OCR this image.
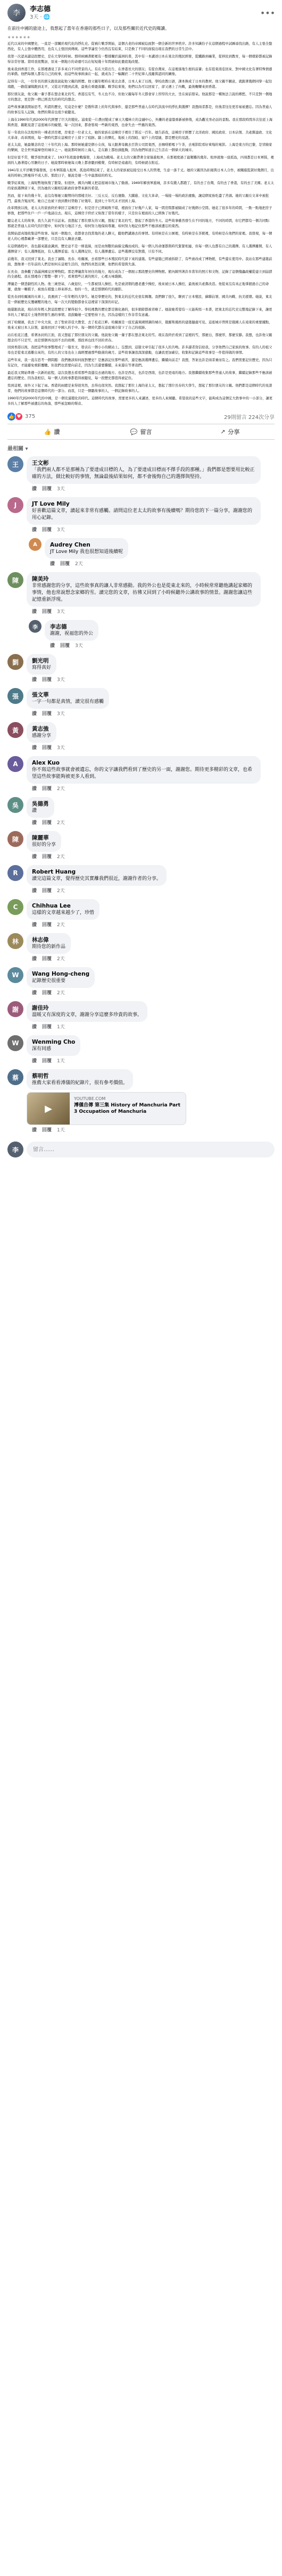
李	李志德
3天 · 🌐	•••

在前往中國的旅途上，我想起了當年在香港的那些日子，以及那些關於近代史的閱讀。

＊＊＊＊＊＊

近代以來的中國歷史，一直是一部關於現代化的掙扎史。從鴉片戰爭開始，這個古老的帝國被迫面對一個全新的世界秩序。許多知識份子在這個過程中試圖尋找出路，有人主張全盤西化，有人主張中體西用，也有人主張回到傳統。這些爭論至今仍然沒有結束，只是換了不同的面貌出現在我們的日常生活中。

我第一次認真讀這段歷史，是在大學的時候。那時候圖書館裡有一整排關於滿洲的書，其中有一本講述日本在東北的殖民經營，從鐵路到礦業，從移民到教育，每一個環節都被記錄得非常仔細。當時我很驚訝，原來一個地方的命運可以在短短幾十年間被如此徹底地改變。

後來我到香港工作，在那裡遇見了許多來自不同背景的人。有在大陸出生、在香港長大的朋友；有從台灣來、在這裡落地生根的前輩；也有從東南亞回來、對中國文化有著特殊情感的華僑。他們每個人都有自己的故事，而這些故事拼湊在一起，就成為了一幅關於二十世紀華人流離與認同的圖像。

記得有一次，一位年長的朋友跟我說起他父親的經歷。他父親年輕時在東北念書，日本人來了以後，學校改教日語，課本換成了日本的教材。他父親不願意，就跟著幾個同學一起往南跑，一路從瀋陽跑到北平，又從北平跑到武漢，最後在重慶落腳。戰爭結束後，他們以為可以回家了，卻又遇上了內戰，最後輾轉來到香港。

那位朋友說，他父親一輩子都在想念東北的雪。香港沒有雪，冬天也不冷，但他父親每年冬天都會穿上厚厚的大衣，坐在窗前發呆。他說那是一種無法言說的鄉愁，不只是對一個地方的想念，更是對一個已經消失的時代的想念。

這些故事讓我開始思考，所謂的歷史，究竟是什麼？是教科書上的年代與事件，還是那些普通人在時代洪流中的掙扎與選擇？我想兩者都是，但後者往往更容易被遺忘。因為普通人的故事沒有人記錄，他們的聲音也很少被聽見。

上海在1990年代到2000年代經歷了巨大的變化。浦東從一片農田變成了摩天大樓林立的金融中心，外灘的老建築重新被修復，成為觀光客必訪的景點。我在那段時間多次往返上海與香港，親眼見證了這座城市的蛻變。每一次回來，都會發現一些新的東西，也會失去一些舊的東西。

有一年我住在法租界的一棟老洋房裡，房東是一位老太太，她的家族在這棟房子裡住了將近一百年。她告訴我，這棟房子經歷了北洋政府、國民政府、日本佔領、共產黨建政、文化大革命、改革開放，每一個時代都在這棟房子上留下了痕跡。牆上的彈孔、地板上的刮痕、窗戶上的裂縫，都是歷史的見證。

老太太說，她最懷念的是三十年代的上海。那時候她還是個小女孩，每天跟著母親去百貨公司買東西，去咖啡館喝下午茶，去電影院看好萊塢的電影。上海是東方的巴黎，是冒險家的樂園，是全世界最摩登的城市之一。她說那時候的上海人，走在路上都抬頭挺胸，因為他們知道自己生活在一個偉大的城市。

但是好景不常，戰爭很快就來了。1937年淞滬會戰爆發，上海成為戰場。老太太的父親帶著全家躲進租界，在那裡度過了最艱難的幾年。租界就像一座孤島，四周都是日本軍隊，裡面的人過著提心吊膽的日子。她說那時候她每天晚上都會聽到槍聲，有時候是遠處的，有時候就在附近。

1941年太平洋戰爭爆發後，日本軍隊進入租界，孤島時期結束了。老太太的家族被迫接受日本人的管理，生意一落千丈。她的父親因為拒絕與日本人合作，被關進監獄好幾個月，出來的時候已經瘦得不成人形。那段日子，她說是她一生中最黑暗的時光。

戰爭結束後，上海短暫地恢復了繁榮。但很快，國共內戰又把這座城市拖入了動盪。1949年解放軍進城，許多有錢人都跑了，有的去了台灣，有的去了香港，有的去了美國。老太太的家族選擇留下來，因為她的父親相信新政府會帶來新的希望。

然而，接下來的幾十年，並沒有像她父親期待的那樣美好。三反五反、反右運動、大躍進、文化大革命，一場接一場的政治運動，讓這個家族吃盡了苦頭。她的父親在文革中被批鬥，最後含冤而死。她自己也被下放到農村勞動了好幾年，直到七十年代末才回到上海。

改革開放以後，老太太的家族終於拿回了這棟房子。但是房子已經破敗不堪，裡面住了好幾戶人家，每一間房間都被隔成了好幾個小空間。她花了很多年的時間，一點一點地把房子修復，把那些住戶一戶一戶地請出去。現在，這棟房子終於又恢復了當年的樣子，只是住在裡面的人已經換了好幾代。

聽完老太太的故事，我久久說不出話來。我想起了那位朋友的父親，想起了東北的雪，想起了香港的冬天。這些故事雖然發生在不同的地方，不同的時間，但它們都有一個共同點：那就是普通人在時代的巨變中，如何努力地活下去，如何努力地保持尊嚴，如何努力地記住那些不應該被遺忘的東西。

我開始認真地收集這些故事。每到一個地方，我都會去找當地的老人聊天，聽他們講過去的事情。有時候是在公園裡，有時候是在茶館裡，有時候是在他們的家裡。我發現，每一個老人的心裡都藏著一部歷史，只是沒有人願意去聽。

在這個過程中，我也越來越意識到，歷史並不是一條直線，而是由無數的曲線交織而成的。每一個人的命運都與時代緊緊相連，但每一個人也都有自己的選擇。有人選擇離開，有人選擇留下；有人選擇抵抗，有人選擇妥協；有人選擇記住，有人選擇遺忘。這些選擇沒有對錯，只有不同。

前幾年，我又回到了東北。我去了瀋陽、長春、哈爾濱，去看那些日本殖民時代留下來的建築。有些建築已經被拆除了，有些被改成了博物館，有些還在使用中。我站在那些建築前面，想像著一百年前的人們是如何在這裡生活的，他們的喜怒哀樂，他們的希望與失落。

在長春，我參觀了偽滿洲國皇宮博物院。那是溥儀當年居住的地方，現在成為了一個展示那段歷史的博物館。館內陳列著許多當年的照片和文物，記錄了這個傀儡政權從建立到崩潰的全過程。我在那裡待了整整一個下午，看著那些泛黃的照片，心裡五味雜陳。

溥儀是一個悲劇性的人物。他三歲登基，六歲退位，一生都被別人操控。先是被清朝的遺老遺少操控，後來被日本人操控，最後被共產黨改造。他從來沒有真正地掌握過自己的命運，就像一顆棋子，被放在棋盤上移來移去。他的一生，就是那個時代的縮影。

從長春到哈爾濱的火車上，我遇到了一位年輕的大學生。她是學歷史的，對東北的近代史很有興趣。我們聊了很久，聊到了日本殖民、蘇聯佔領、國共內戰、抗美援朝。她說，東北是一個被歷史反覆碾壓的地方，每一次大的變動都會在這裡留下深深的印記。

她還跟我說，現在的年輕人對這段歷史了解得很少。學校裡教的歷史都是簡化過的，很多細節都被省略了。她說她希望有一天能夠寫一本書，把東北的近代史完整地記錄下來，讓更多的人了解這片土地曾經發生過的事情。我鼓勵她一定要堅持下去，因為這樣的工作非常有意義。

到了哈爾濱，我去了中央大街，去了聖索菲亞大教堂，去了松花江畔。哈爾濱是一座充滿異國情調的城市，俄羅斯風格的建築隨處可見。這座城市曾經是俄國人在遠東的重要據點，後來又被日本人佔領，最後回到了中國人的手中。每一個時代都在這座城市留下了自己的痕跡。

站在松花江邊，看著冰封的江面，我又想起了那位朋友的父親。他說他父親一輩子都在想念東北的雪。現在我終於看到了這裡的雪，那麼白，那麼厚，那麼安靜。我想，也許他父親想念的不只是雪，而是那個再也回不去的故鄉，那段再也找不回的青春。

回到香港以後，我把這些故事整理成了一篇長文，發表在一個小小的網站上。沒想到，這篇文章引起了很多人的共鳴。許多讀者寫信給我，分享他們自己家族的故事。有的人的祖父母也是從東北逃難出來的，有的人的父母也在上海經歷過那些動盪的歲月。這些故事讓我深深感動，也讓我更加確信，收集和記錄這些故事是一件值得做的事情。

這些年來，我一直在思考一個問題：我們應該如何面對歷史？是應該記住那些痛苦，還是應該選擇遺忘，繼續向前走？我想，答案也許是兩者兼而有之。我們需要記住歷史，因為只有記住，才能避免重蹈覆轍。但我們也需要向前走，因為生活還要繼續，未來還在等著我們。

最近我又開始準備一次新的旅程，這次我想去看看那些我還沒去過的地方。也許是西北，也許是西南，也許是更遠的地方。我想繼續收集那些普通人的故事，繼續記錄那些不應該被遺忘的歷史。因為我相信，每一個人的故事都值得被聽見，每一段歷史都值得被記住。

寫到這裡，窗外又下起了雨。香港的雨總是來得很突然，去得也很突然。我想起了那位上海的老太太，想起了那位長春的大學生，想起了那位朋友的父親。他們都是這個時代的見證者，他們的故事都是這個時代的一部分。而我，只是一個聽故事的人，一個記錄故事的人。

1990年代到2000年代的中國，是一個充滿變化的時代。這個時代的故事，需要更多的人來講述，更多的人來傾聽。希望我的這些文字，能夠成為這個宏大敘事中的一小部分，讓更多的人了解那些被遺忘的角落，那些被忽略的聲音。

👍 ♥ 375	29則留言 224次分享
👍 讚	💬 留言	↗ 分享
最相關 ▾
王	王文彬
「我們兩人都不是那種為了要達成目標的人，為了要達成目標而不擇手段的那種。」我們都是想要用比較正確的方法，做比較好的事情，無論最後結果如何，都不會後悔自己的選擇與堅持。
讚 回覆 3天
J	JT Love Mily
好喜歡這篇文章，讀起來非常有感觸。請問這位老太太的故事有後續嗎？期待您的下一篇分享，謝謝您的用心記錄。
讚 回覆 3天
A	Audrey Chen
JT Love Mily 我也很想知道後續呢
讚 回覆 2天
陳	陳美玲
非常感謝您的分享，這些故事真的讓人非常感動。我的外公也是從東北來的，小時候常常聽他講起家鄉的事情，他也常說想念家鄉的雪。讀完您的文章，彷彿又回到了小時候聽外公講故事的情景。謝謝您讓這些記憶重新浮現。
讚 回覆 3天
李	李志德
謝謝，祝福您的外公
讚 回覆 3天
劉	劉光明
寫得真好
讚 回覆 3天
張	張文華
一字一句都是真情，讀完很有感觸
讚 回覆 3天
黃	黃志強
感謝分享
讚 回覆 3天
A	Alex Kuo
你不寫這些故事就會被遺忘，你的文字讓我們看到了歷史的另一面，謝謝您。期待更多精彩的文章，也希望這些故事能夠被更多人看到。
讚 回覆 2天
吳	吳德勇
讚
讚 回覆 2天
陳	陳麗華
很好的分享
讚 回覆 2天
R	Robert Huang
讀完這篇文章，覺得歷史其實離我們很近，謝謝作者的分享。
讚 回覆 2天
C	Chihhua Lee
這樣的文章越來越少了，珍惜
讚 回覆 2天
林	林志偉
期待您的新作品
讚 回覆 2天
W	Wang Hong-cheng
記錄歷史很重要
讚 回覆 2天
謝	謝佳玲
溫暖又有深度的文章，謝謝分享這麼多珍貴的故事。
讚 回覆 1天
W	Wenming Cho
深有同感
讚 回覆 1天
蔡	蔡明哲
推薦大家看看溥儀的紀錄片，很有參考價值。
▶
YOUTUBE.COM
溥儀自傳 第三集 History of Manchuria Part 3 Occupation of Manchuria
讚 回覆 1天
李
留言……
